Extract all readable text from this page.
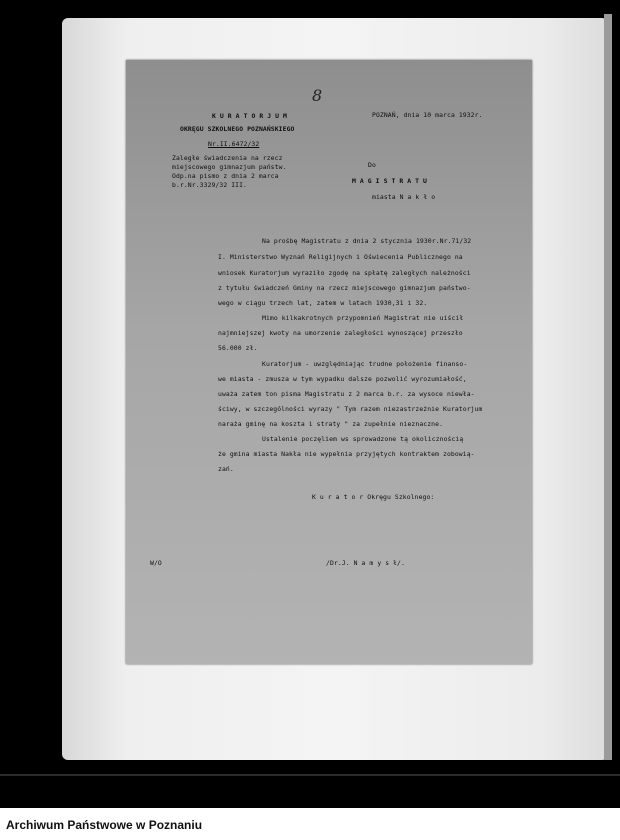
8
K U R A T O R J U M
OKRĘGU SZKOLNEGO POZNAŃSKIEGO
Nr.II.6472/32
POZNAŃ, dnia 10 marca 1932r.
Zaległe świadczenia na rzecz
miejscowego gimnazjum państw.
Odp.na pismo z dnia 2 marca
b.r.Nr.3329/32 III.
Do
M A G I S T R A T U
miasta N a k ł o
Na prośbę Magistratu z dnia 2 stycznia 1930r.Nr.71/32
I. Ministerstwo Wyznań Religijnych i Oświecenia Publicznego na
wniosek Kuratorjum wyraziło zgodę na spłatę zaległych należności
z tytułu świadczeń Gminy na rzecz miejscowego gimnazjum państwo-
wego w ciągu trzech lat, zatem w latach 1930,31 i 32.
Mimo kilkakrotnych przypomnień Magistrat nie uiścił
najmniejszej kwoty na umorzenie zaległości wynoszącej przeszło
56.000 zł.
Kuratorjum - uwzględniając trudne położenie finanso-
we miasta - zmusza w tym wypadku dalsze pozwolić wyrozumiałość,
uważa zatem ton pisma Magistratu z 2 marca b.r. za wysoce niewła-
ściwy, w szczególności wyrazy " Tym razem niezastrzeżnie Kuratorjum
naraża gminę na koszta i straty " za zupełnie nieznaczne.
Ustalenie poczęliem ws sprowadzone tą okolicznością
że gmina miasta Nakła nie wypełnia przyjętych kontraktem zobowią-
zań.
K u r a t o r Okręgu Szkolnego:
W/O	/Dr.J. N a m y s ł/.
Archiwum Państwowe w Poznaniu
